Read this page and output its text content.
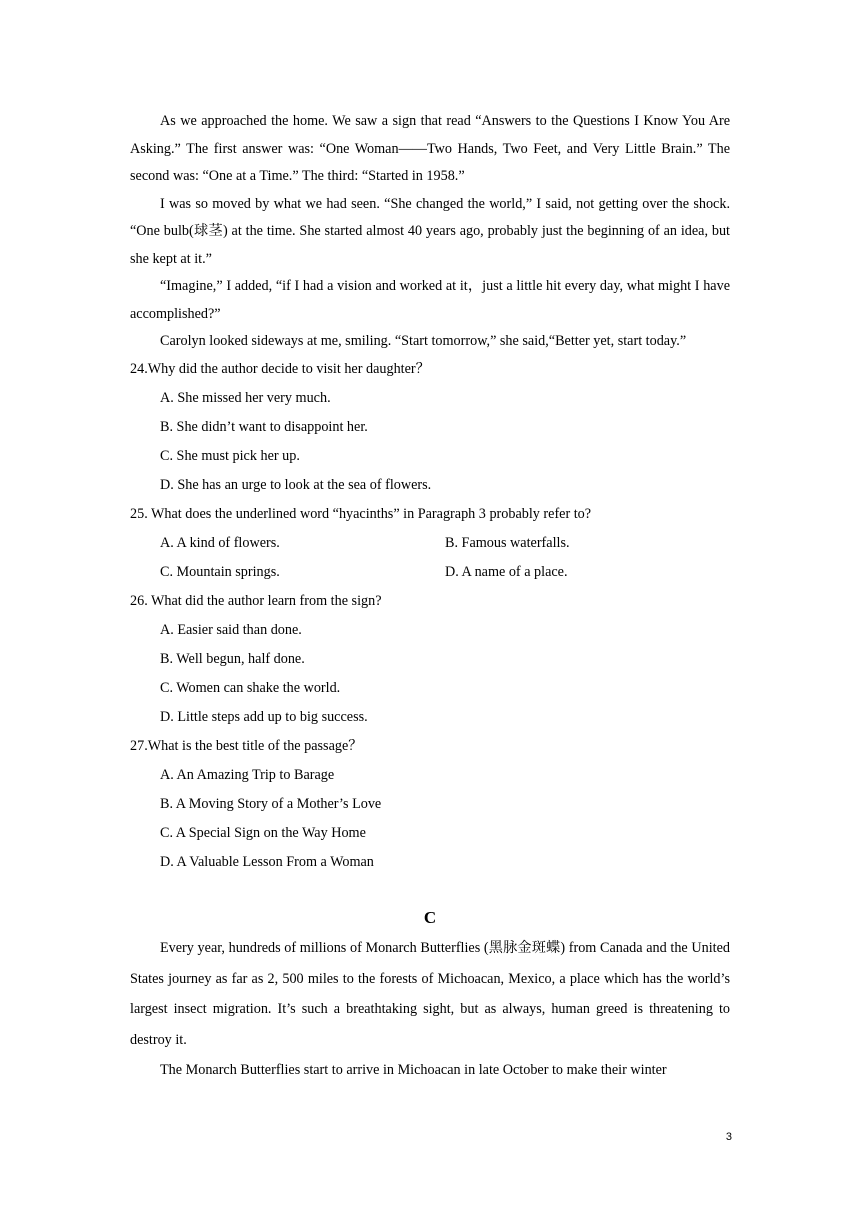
As we approached the home. We saw a sign that read “Answers to the Questions I Know You Are Asking.” The first answer was: “One Woman——Two Hands, Two Feet, and Very Little Brain.” The second was: “One at a Time.” The third: “Started in 1958.”

I was so moved by what we had seen. “She changed the world,” I said, not getting over the shock. “One bulb(球茎) at the time. She started almost 40 years ago, probably just the beginning of an idea, but she kept at it.”

“Imagine,” I added, “if I had a vision and worked at it，just a little hit every day, what might I have accomplished?”

Carolyn looked sideways at me, smiling. “Start tomorrow,” she said,“Better yet, start today.”

24.Why did the author decide to visit her daughter？

A. She missed her very much.

B. She didn’t want to disappoint her.

C. She must pick her up.

D. She has an urge to look at the sea of flowers.

25. What does the underlined word “hyacinths” in Paragraph 3 probably refer to?

A. A kind of flowers.	B. Famous waterfalls.
C. Mountain springs.	D. A name of a place.

26. What did the author learn from the sign?

A. Easier said than done.

B. Well begun, half done.

C. Women can shake the world.

D. Little steps add up to big success.

27.What is the best title of the passage？

A. An Amazing Trip to Barage

B. A Moving Story of a Mother’s Love

C. A Special Sign on the Way Home

D. A Valuable Lesson From a Woman

C

Every year, hundreds of millions of Monarch Butterflies (黑脉金斑蝶) from Canada and the United States journey as far as 2, 500 miles to the forests of Michoacan, Mexico, a place which has the world’s largest insect migration. It’s such a breathtaking sight, but as always, human greed is threatening to destroy it.

The Monarch Butterflies start to arrive in Michoacan in late October to make their winter

3
